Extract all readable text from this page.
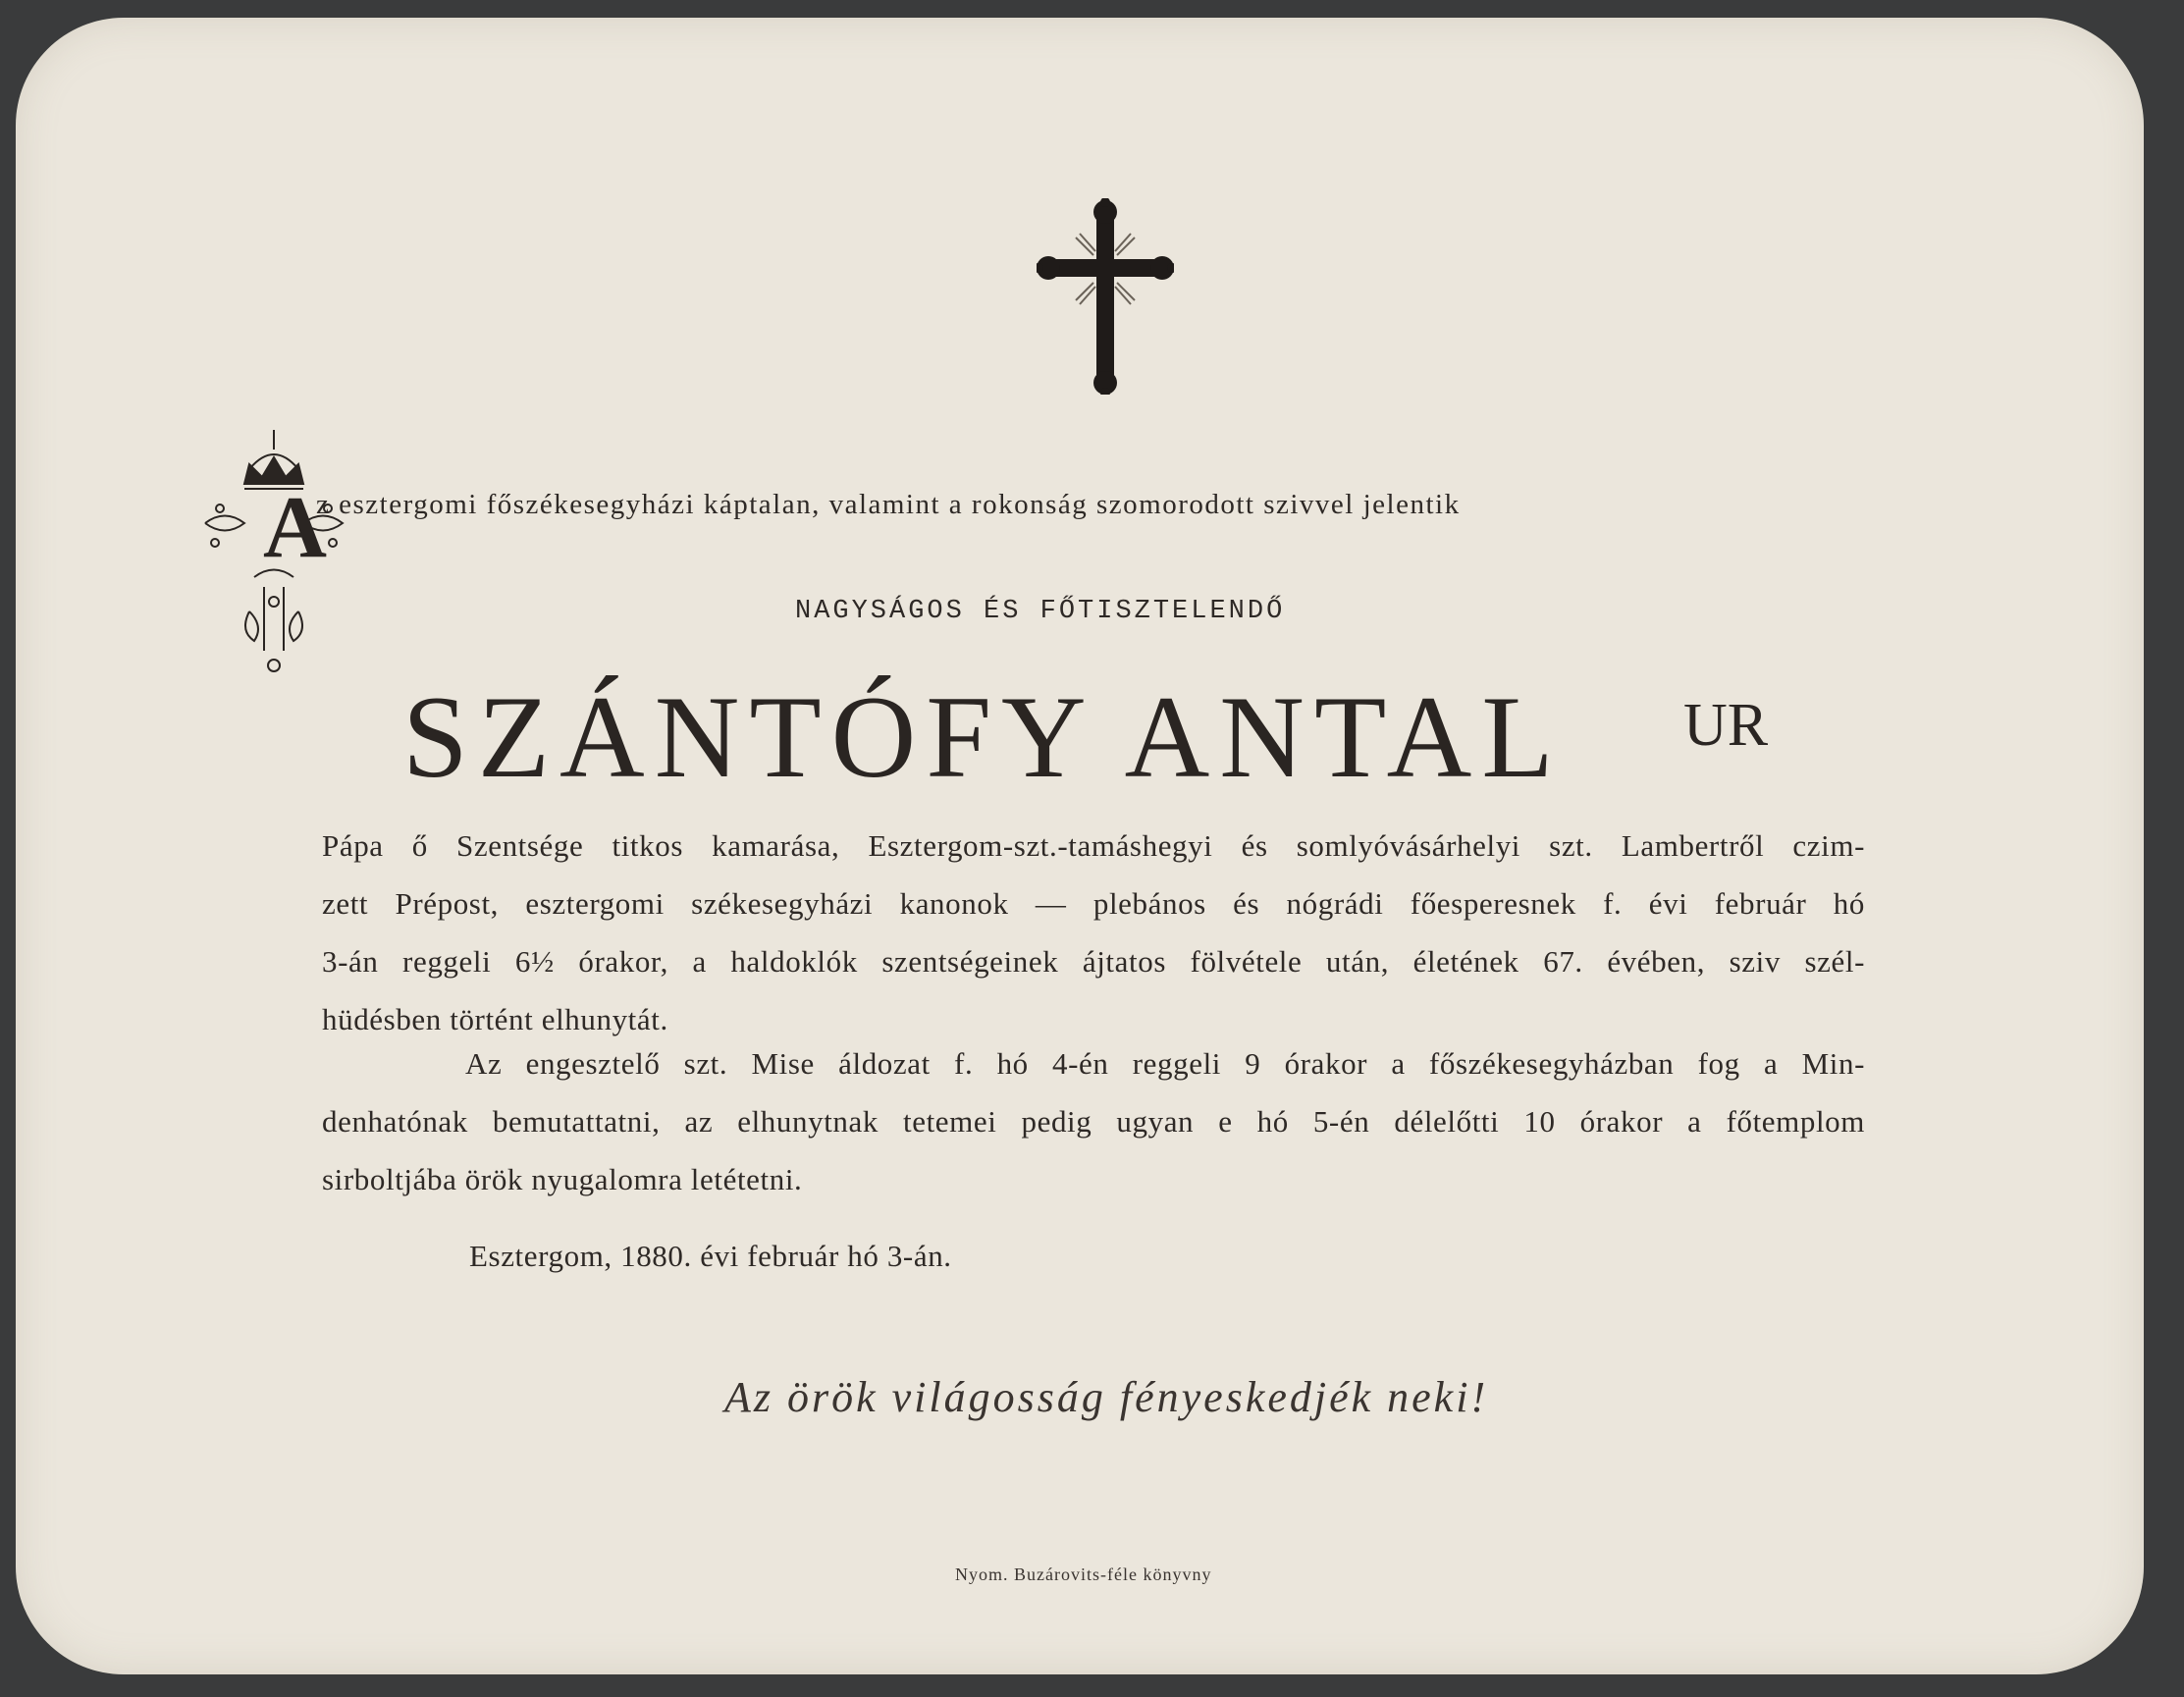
A
z esztergomi főszékesegyházi káptalan, valamint a rokonság szomorodott szivvel jelentik
NAGYSÁGOS ÉS FŐTISZTELENDŐ
SZÁNTÓFY ANTAL UR
Pápa ő Szentsége titkos kamarása, Esztergom-szt.-tamáshegyi és somlyóvásárhelyi szt. Lambertről czim-
zett Prépost, esztergomi székesegyházi kanonok — plebános és nógrádi főesperesnek f. évi február hó
3-án reggeli 6½ órakor, a haldoklók szentségeinek ájtatos fölvétele után, életének 67. évében, sziv szél-
hüdésben történt elhunytát.
Az engesztelő szt. Mise áldozat f. hó 4-én reggeli 9 órakor a főszékesegyházban fog a Min-
denhatónak bemutattatni, az elhunytnak tetemei pedig ugyan e hó 5-én délelőtti 10 órakor a főtemplom
sirboltjába örök nyugalomra letétetni.
Esztergom, 1880. évi február hó 3-án.
Az örök világosság fényeskedjék neki!
Nyom. Buzárovits-féle könyvny
